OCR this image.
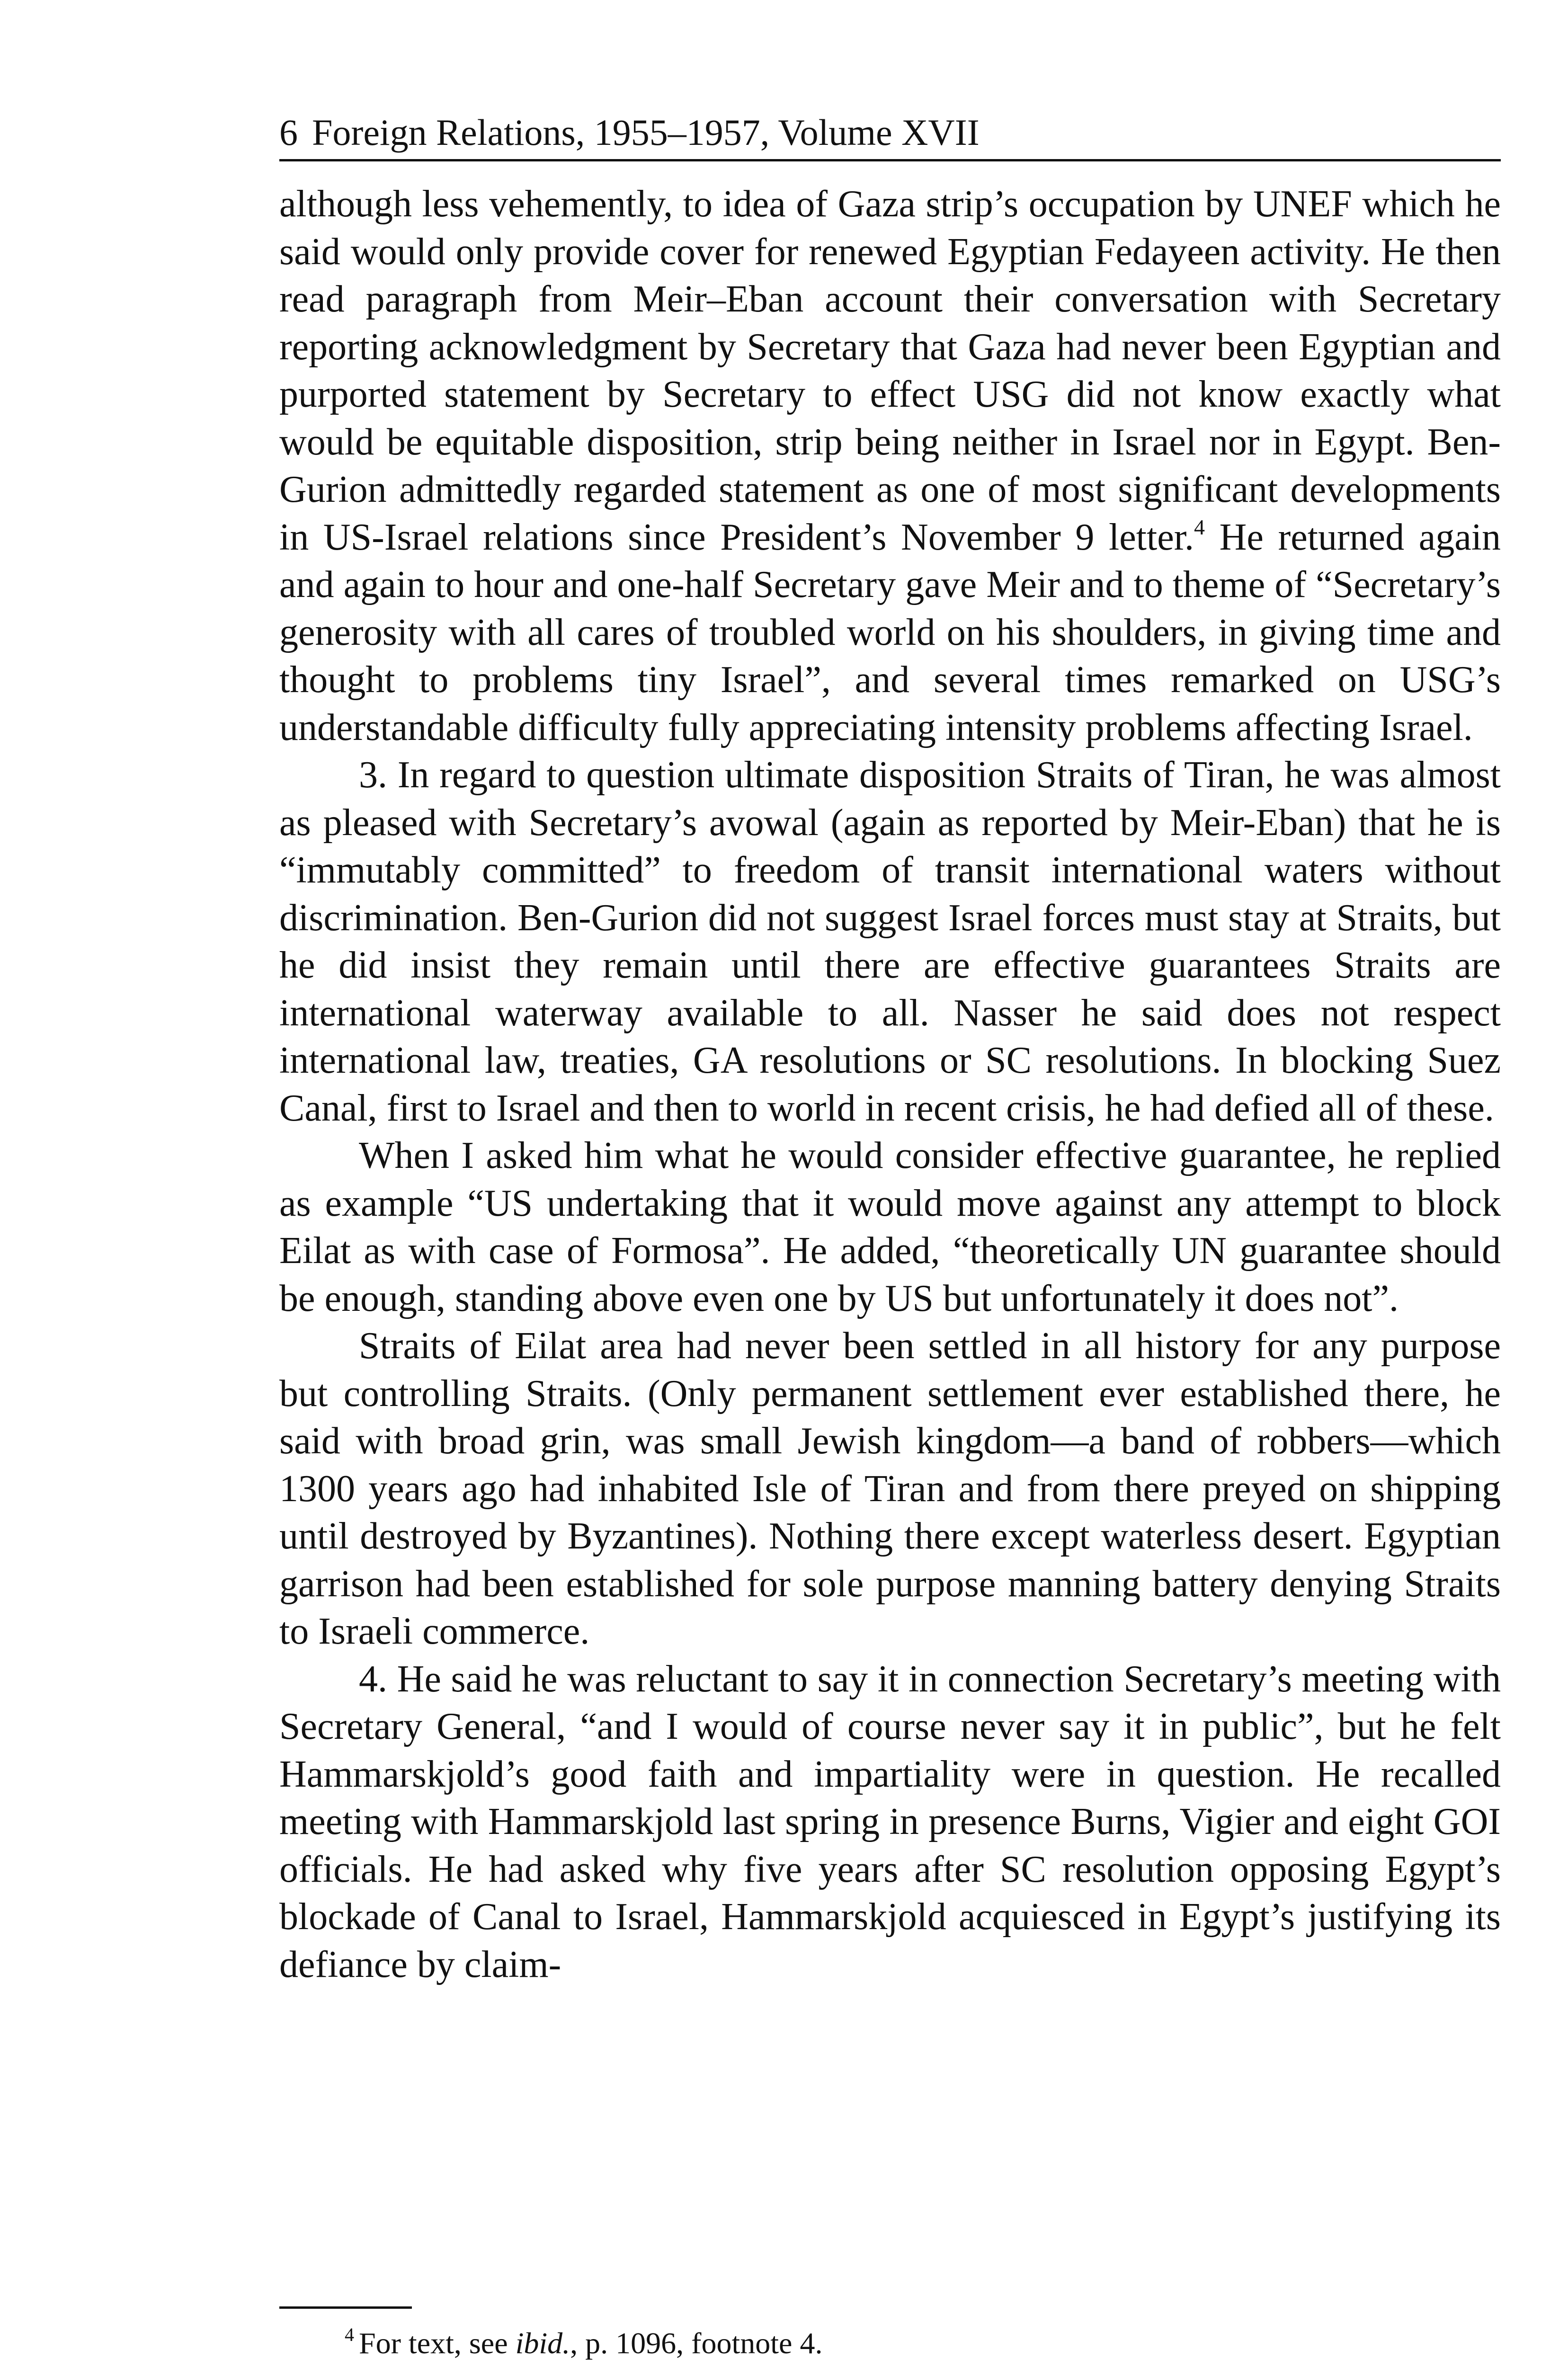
6 Foreign Relations, 1955–1957, Volume XVII

although less vehemently, to idea of Gaza strip’s occupation by UNEF which he said would only provide cover for renewed Egyptian Fedayeen activity. He then read paragraph from Meir–Eban account their conversation with Secretary reporting acknowledgment by Secretary that Gaza had never been Egyptian and purported statement by Secretary to effect USG did not know exactly what would be equitable disposition, strip being neither in Israel nor in Egypt. Ben-Gurion admittedly regarded statement as one of most significant developments in US-Israel relations since President’s November 9 letter.$^4$ He returned again and again to hour and one-half Secretary gave Meir and to theme of “Secretary’s generosity with all cares of troubled world on his shoulders, in giving time and thought to problems tiny Israel”, and several times remarked on USG’s understandable difficulty fully appreciating intensity problems affecting Israel.

3. In regard to question ultimate disposition Straits of Tiran, he was almost as pleased with Secretary’s avowal (again as reported by Meir-Eban) that he is “immutably committed” to freedom of transit international waters without discrimination. Ben-Gurion did not suggest Israel forces must stay at Straits, but he did insist they remain until there are effective guarantees Straits are international waterway available to all. Nasser he said does not respect international law, treaties, GA resolutions or SC resolutions. In blocking Suez Canal, first to Israel and then to world in recent crisis, he had defied all of these.

When I asked him what he would consider effective guarantee, he replied as example “US undertaking that it would move against any attempt to block Eilat as with case of Formosa”. He added, “theoretically UN guarantee should be enough, standing above even one by US but unfortunately it does not”.

Straits of Eilat area had never been settled in all history for any purpose but controlling Straits. (Only permanent settlement ever established there, he said with broad grin, was small Jewish kingdom—a band of robbers—which 1300 years ago had inhabited Isle of Tiran and from there preyed on shipping until destroyed by Byzantines). Nothing there except waterless desert. Egyptian garrison had been established for sole purpose manning battery denying Straits to Israeli commerce.

4. He said he was reluctant to say it in connection Secretary’s meeting with Secretary General, “and I would of course never say it in public”, but he felt Hammarskjold’s good faith and impartiality were in question. He recalled meeting with Hammarskjold last spring in presence Burns, Vigier and eight GOI officials. He had asked why five years after SC resolution opposing Egypt’s blockade of Canal to Israel, Hammarskjold acquiesced in Egypt’s justifying its defiance by claim-

$^4$ For text, see ibid., p. 1096, footnote 4.
